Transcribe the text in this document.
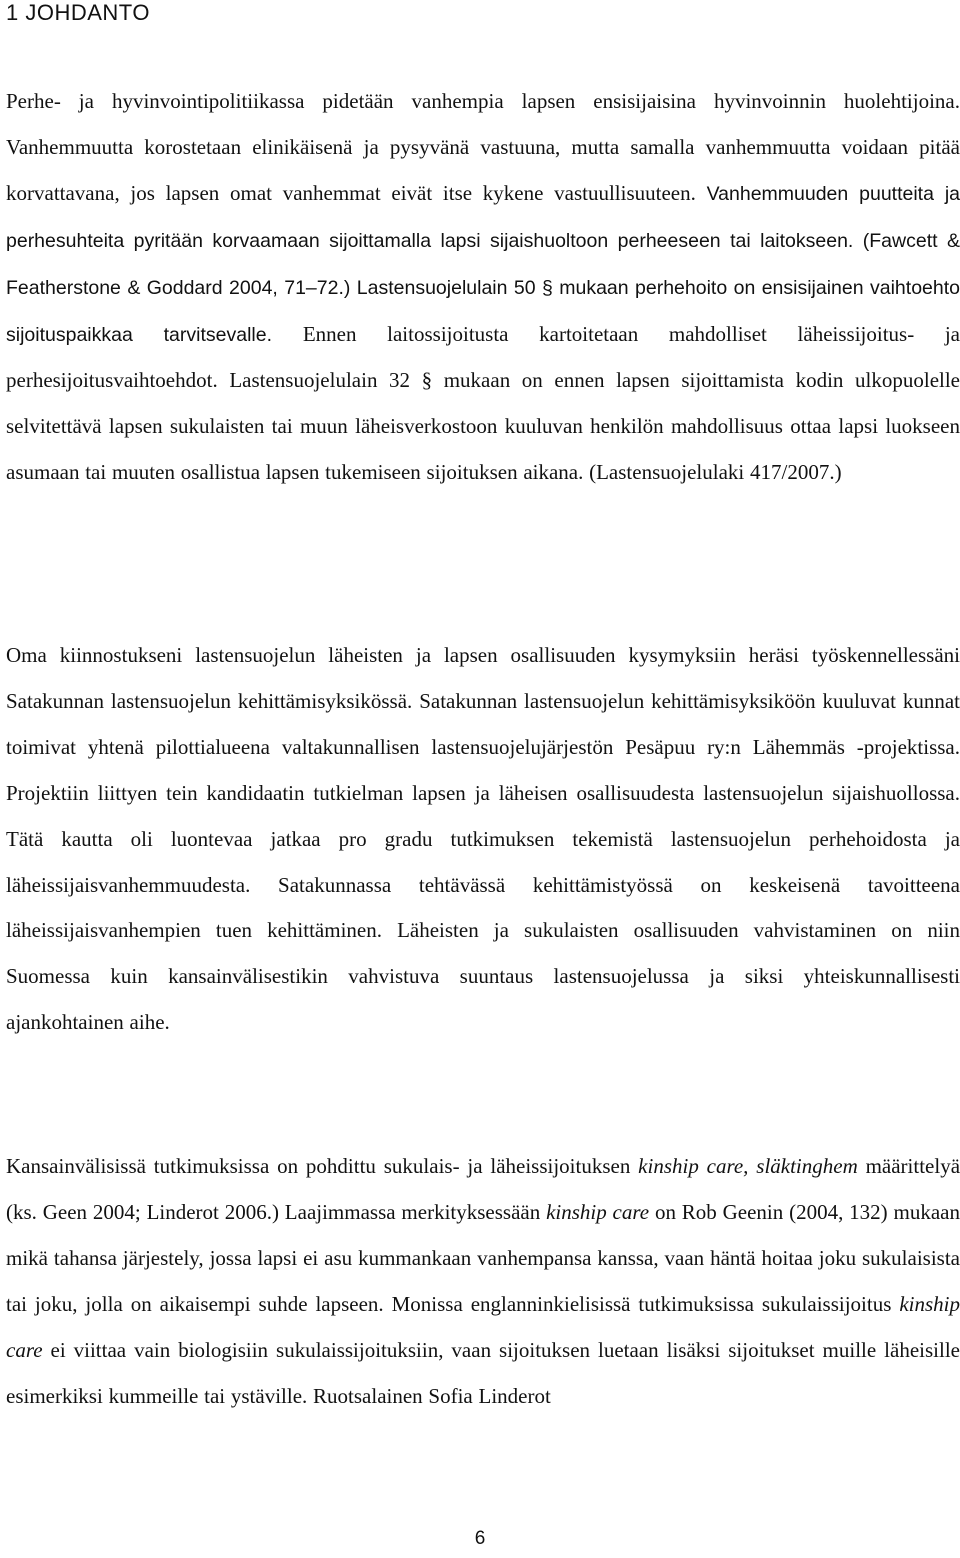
1 JOHDANTO

Perhe- ja hyvinvointipolitiikassa pidetään vanhempia lapsen ensisijaisina hyvinvoinnin huolehtijoina. Vanhemmuutta korostetaan elinikäisenä ja pysyvänä vastuuna, mutta samalla vanhemmuutta voidaan pitää korvattavana, jos lapsen omat vanhemmat eivät itse kykene vastuullisuuteen. Vanhemmuuden puutteita ja perhesuhteita pyritään korvaamaan sijoittamalla lapsi sijaishuoltoon perheeseen tai laitokseen. (Fawcett & Featherstone & Goddard 2004, 71–72.) Lastensuojelulain 50 § mukaan perhehoito on ensisijainen vaihtoehto sijoituspaikkaa tarvitsevalle. Ennen laitossijoitusta kartoitetaan mahdolliset läheissijoitus- ja perhesijoitusvaihtoehdot. Lastensuojelulain 32 § mukaan on ennen lapsen sijoittamista kodin ulkopuolelle selvitettävä lapsen sukulaisten tai muun läheisverkostoon kuuluvan henkilön mahdollisuus ottaa lapsi luokseen asumaan tai muuten osallistua lapsen tukemiseen sijoituksen aikana. (Lastensuojelulaki 417/2007.)

Oma kiinnostukseni lastensuojelun läheisten ja lapsen osallisuuden kysymyksiin heräsi työskennellessäni Satakunnan lastensuojelun kehittämisyksikössä. Satakunnan lastensuojelun kehittämisyksiköön kuuluvat kunnat toimivat yhtenä pilottialueena valtakunnallisen lastensuojelujärjestön Pesäpuu ry:n Lähemmäs -projektissa. Projektiin liittyen tein kandidaatin tutkielman lapsen ja läheisen osallisuudesta lastensuojelun sijaishuollossa. Tätä kautta oli luontevaa jatkaa pro gradu tutkimuksen tekemistä lastensuojelun perhehoidosta ja läheissijaisvanhemmuudesta. Satakunnassa tehtävässä kehittämistyössä on keskeisenä tavoitteena läheissijaisvanhempien tuen kehittäminen. Läheisten ja sukulaisten osallisuuden vahvistaminen on niin Suomessa kuin kansainvälisestikin vahvistuva suuntaus lastensuojelussa ja siksi yhteiskunnallisesti ajankohtainen aihe.

Kansainvälisissä tutkimuksissa on pohdittu sukulais- ja läheissijoituksen kinship care, släktinghem määrittelyä (ks. Geen 2004; Linderot 2006.) Laajimmassa merkityksessään kinship care on Rob Geenin (2004, 132) mukaan mikä tahansa järjestely, jossa lapsi ei asu kummankaan vanhempansa kanssa, vaan häntä hoitaa joku sukulaisista tai joku, jolla on aikaisempi suhde lapseen. Monissa englanninkielisissä tutkimuksissa sukulaissijoitus kinship care ei viittaa vain biologisiin sukulaissijoituksiin, vaan sijoituksen luetaan lisäksi sijoitukset muille läheisille esimerkiksi kummeille tai ystäville. Ruotsalainen Sofia Linderot

6
